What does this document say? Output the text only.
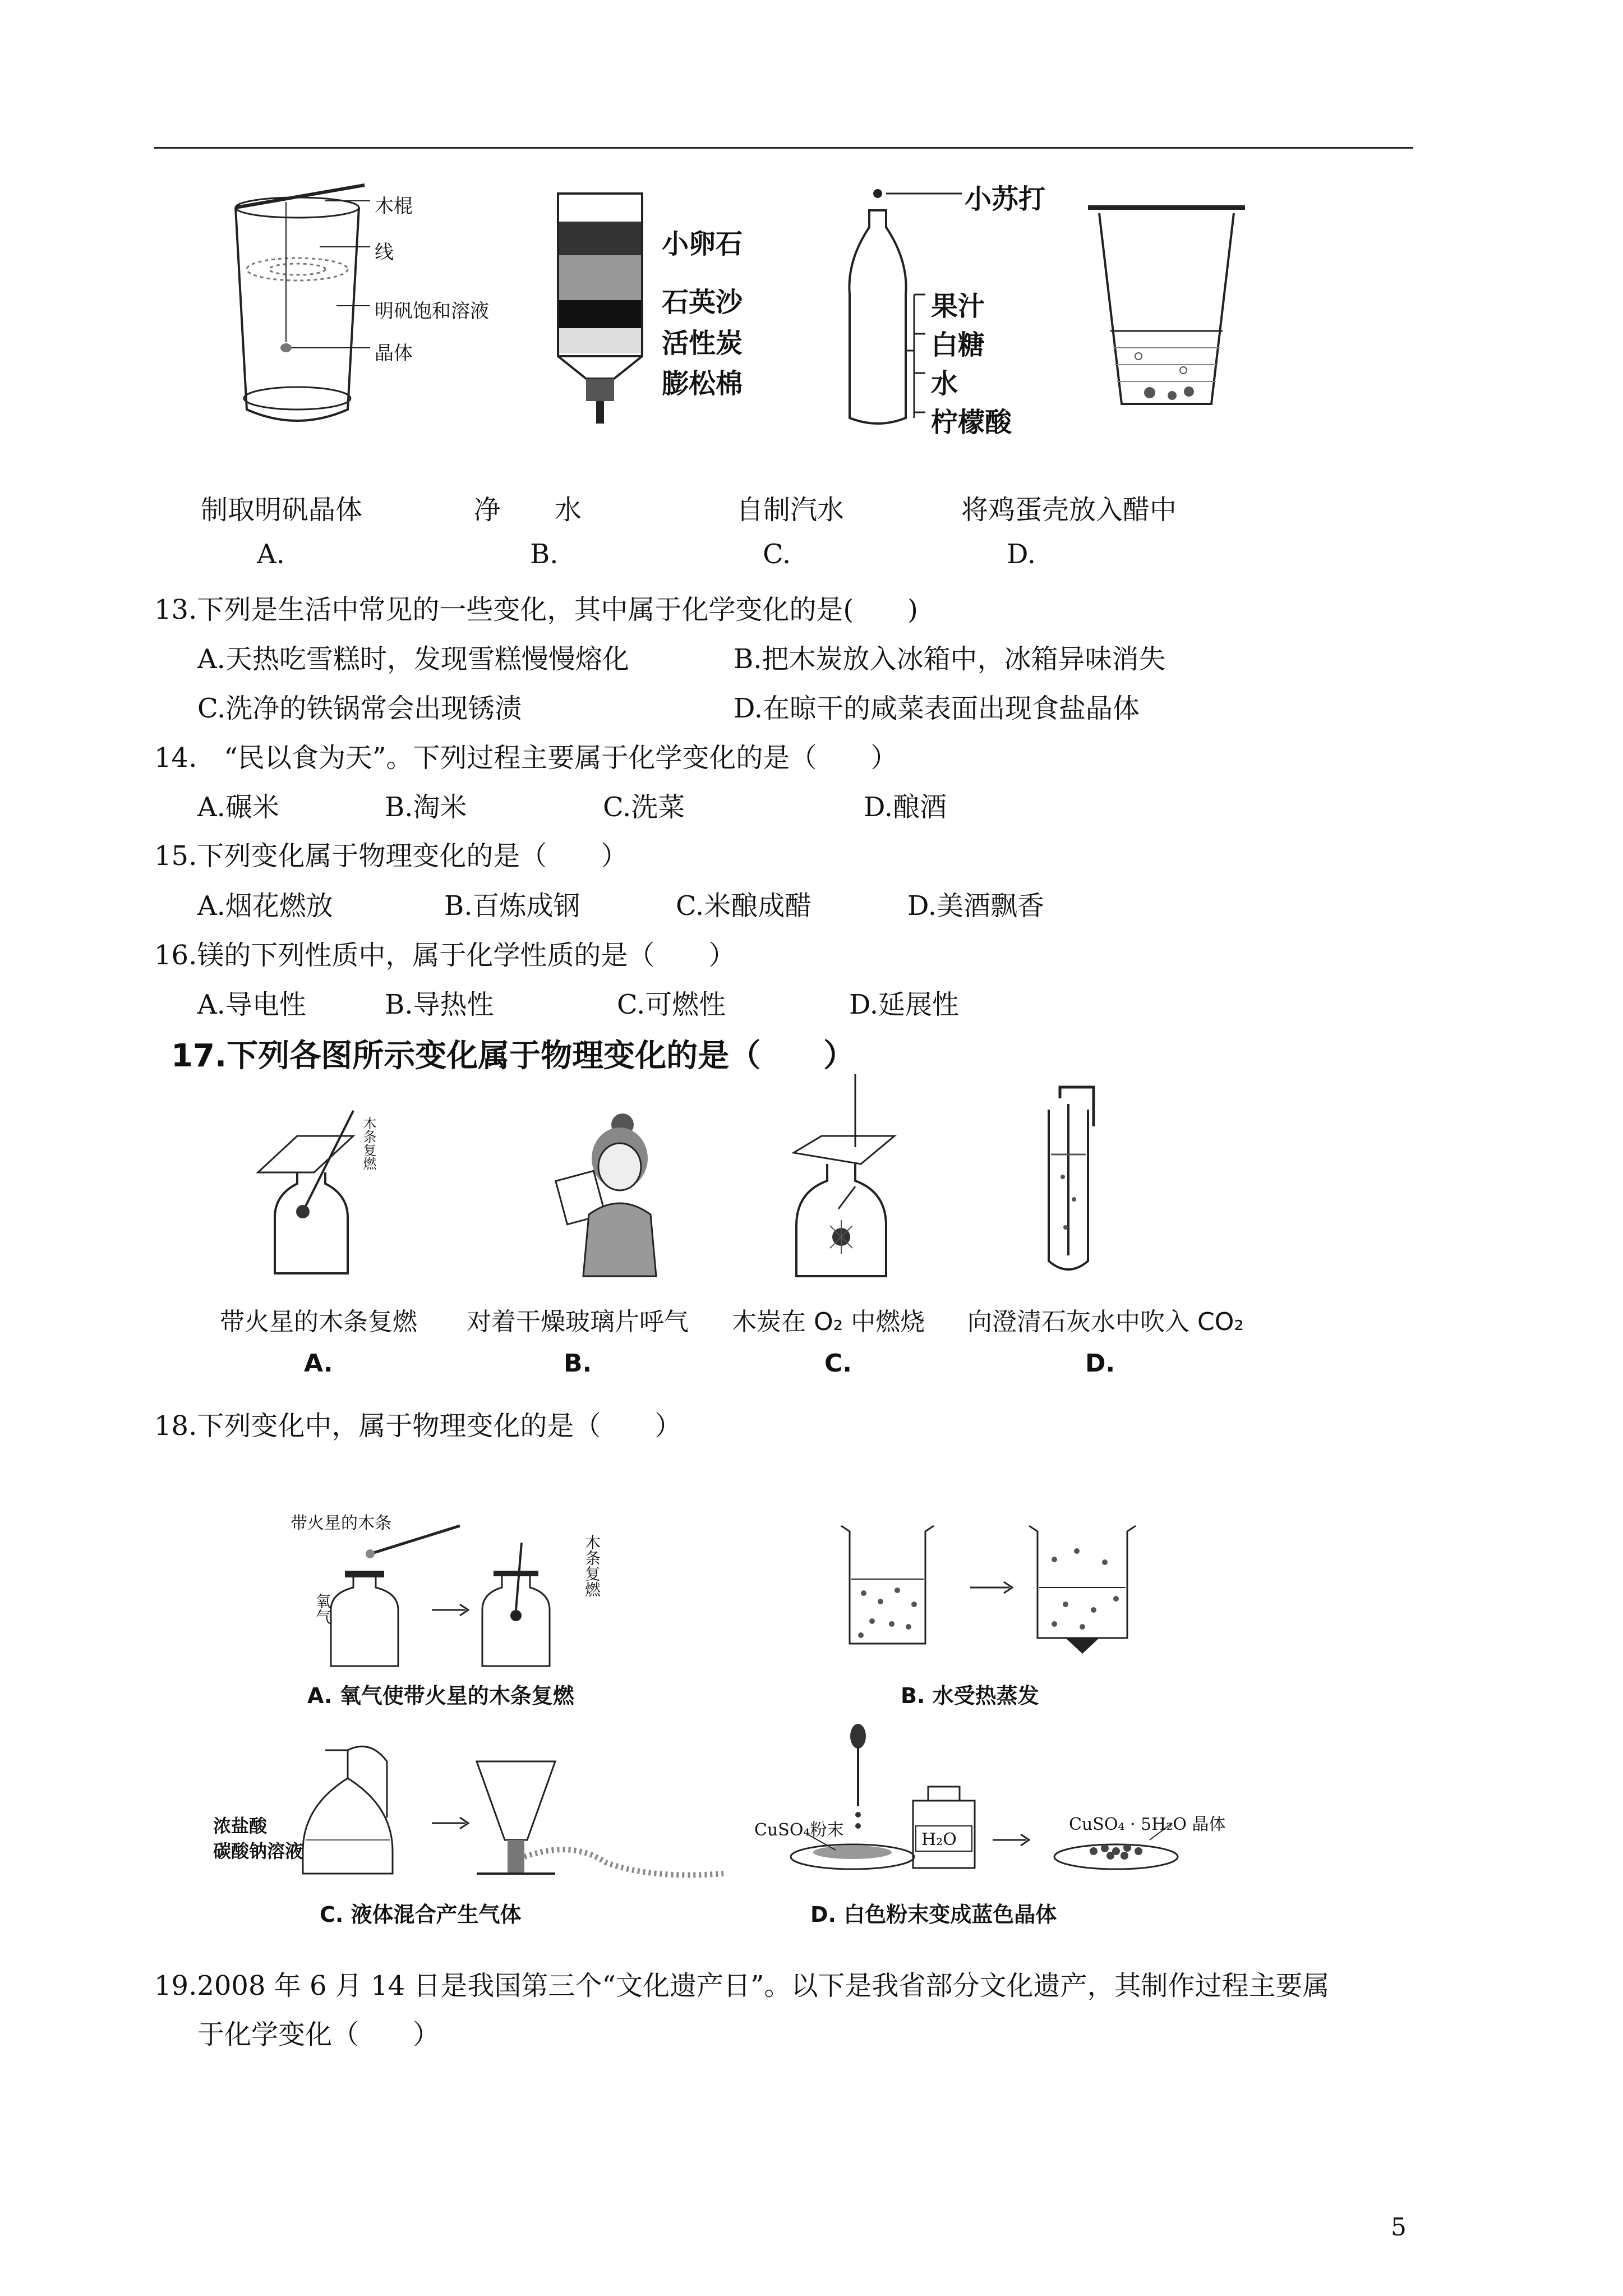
木棍
线
明矾饱和溶液
晶体
小卵石
石英沙
活性炭
膨松棉
小苏打
果汁
白糖
水
柠檬酸
制取明矾晶体	净　　水	自制汽水	将鸡蛋壳放入醋中
A.	B.	C.	D.
13.下列是生活中常见的一些变化，其中属于化学变化的是(　　)
A.天热吃雪糕时，发现雪糕慢慢熔化	B.把木炭放入冰箱中，冰箱异味消失
C.洗净的铁锅常会出现锈渍	D.在晾干的咸菜表面出现食盐晶体
14.　“民以食为天”。下列过程主要属于化学变化的是（　　）
A.碾米	B.淘米	C.洗菜	D.酿酒
15.下列变化属于物理变化的是（　　）
A.烟花燃放	B.百炼成钢	C.米酿成醋	D.美酒飘香
16.镁的下列性质中，属于化学性质的是（　　）
A.导电性	B.导热性	C.可燃性	D.延展性
17.下列各图所示变化属于物理变化的是（　　）
木条复燃
带火星的木条复燃 对着干燥玻璃片呼气 木炭在 O₂ 中燃烧 向澄清石灰水中吹入 CO₂
A.	B.	C.	D.
18.下列变化中，属于物理变化的是（　　）
带火星的木条
氧气
木条复燃
A. 氧气使带火星的木条复燃	B. 水受热蒸发
浓盐酸
碳酸钠溶液
CuSO₄粉末	H₂O
CuSO₄ · 5H₂O 晶体
C. 液体混合产生气体	D. 白色粉末变成蓝色晶体
19.2008 年 6 月 14 日是我国第三个“文化遗产日”。以下是我省部分文化遗产，其制作过程主要属
于化学变化（　　）
5
